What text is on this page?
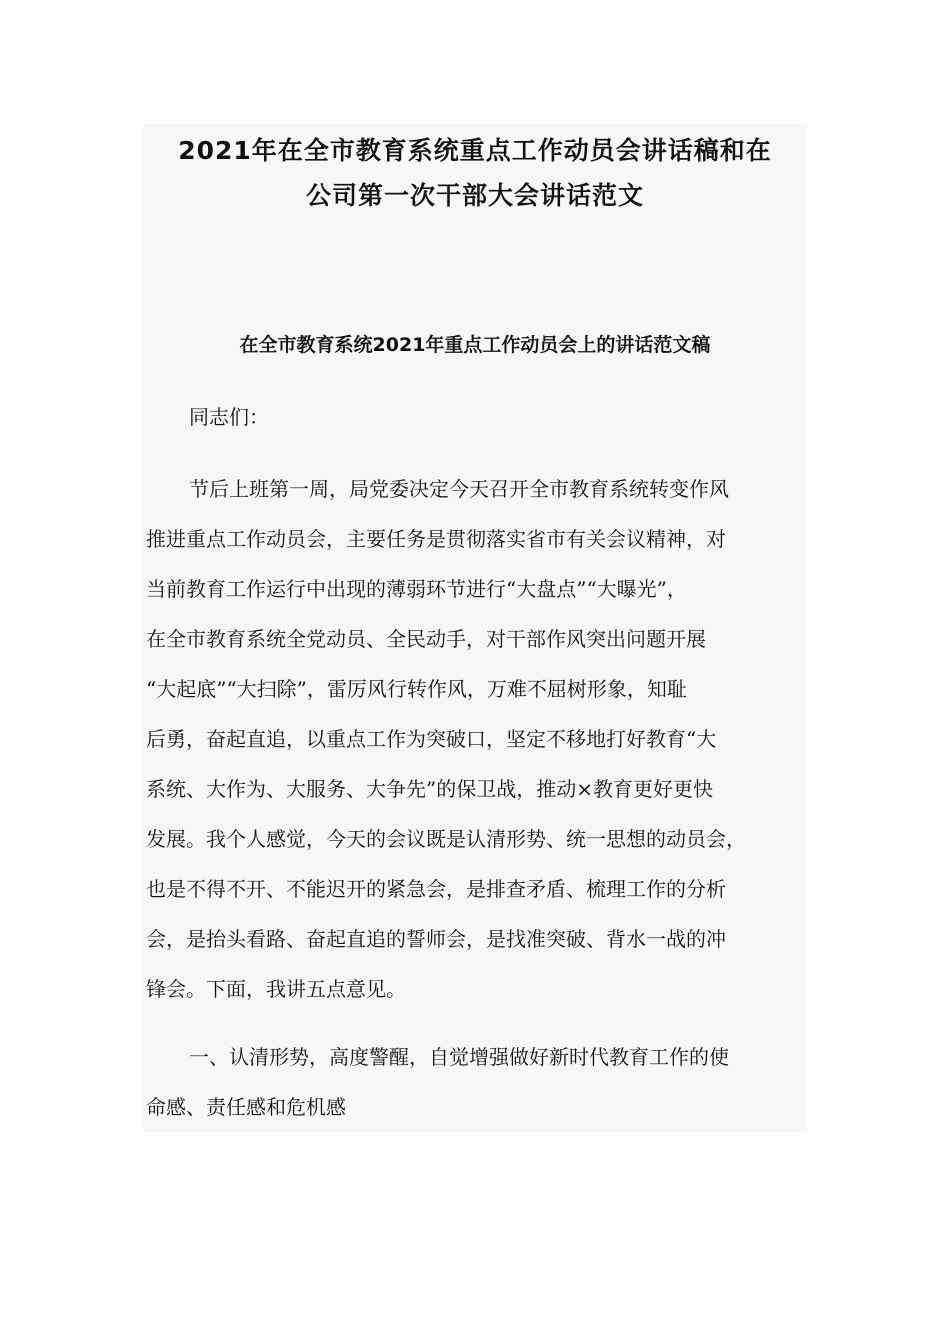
2021年在全市教育系统重点工作动员会讲话稿和在
公司第一次干部大会讲话范文
在全市教育系统2021年重点工作动员会上的讲话范文稿

同志们：

节后上班第一周，局党委决定今天召开全市教育系统转变作风
推进重点工作动员会，主要任务是贯彻落实省市有关会议精神，对
当前教育工作运行中出现的薄弱环节进行“大盘点”“大曝光”，
在全市教育系统全党动员、全民动手，对干部作风突出问题开展
“大起底”“大扫除”，雷厉风行转作风，万难不屈树形象，知耻
后勇，奋起直追，以重点工作为突破口，坚定不移地打好教育“大
系统、大作为、大服务、大争先”的保卫战，推动×教育更好更快
发展。我个人感觉，今天的会议既是认清形势、统一思想的动员会，
也是不得不开、不能迟开的紧急会，是排查矛盾、梳理工作的分析
会，是抬头看路、奋起直追的誓师会，是找准突破、背水一战的冲
锋会。下面，我讲五点意见。
一、认清形势，高度警醒，自觉增强做好新时代教育工作的使
命感、责任感和危机感
